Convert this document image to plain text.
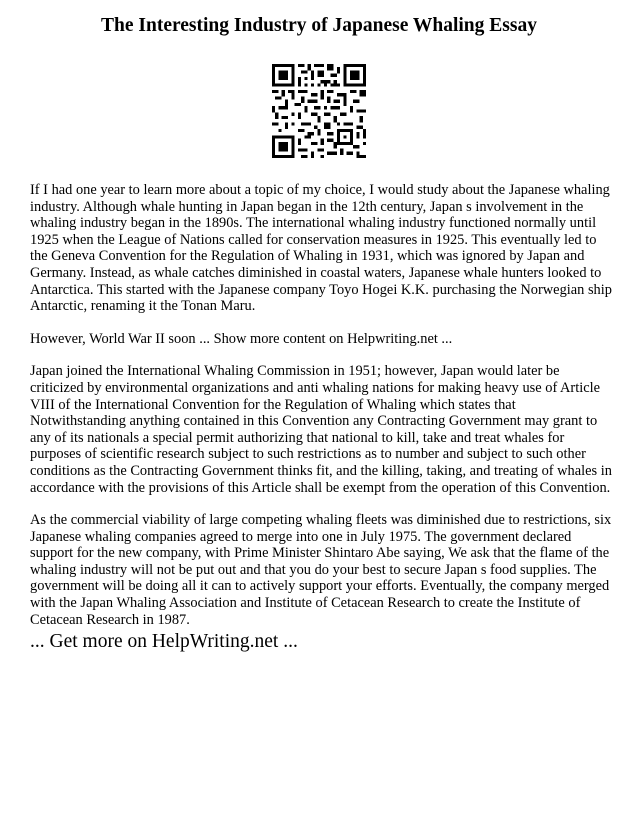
The Interesting Industry of Japanese Whaling Essay

If I had one year to learn more about a topic of my choice, I would study about the Japanese whaling industry. Although whale hunting in Japan began in the 12th century, Japan s involvement in the whaling industry began in the 1890s. The international whaling industry functioned normally until 1925 when the League of Nations called for conservation measures in 1925. This eventually led to the Geneva Convention for the Regulation of Whaling in 1931, which was ignored by Japan and Germany. Instead, as whale catches diminished in coastal waters, Japanese whale hunters looked to Antarctica. This started with the Japanese company Toyo Hogei K.K. purchasing the Norwegian ship Antarctic, renaming it the Tonan Maru.

However, World War II soon ... Show more content on Helpwriting.net ...

Japan joined the International Whaling Commission in 1951; however, Japan would later be criticized by environmental organizations and anti whaling nations for making heavy use of Article VIII of the International Convention for the Regulation of Whaling which states that Notwithstanding anything contained in this Convention any Contracting Government may grant to any of its nationals a special permit authorizing that national to kill, take and treat whales for purposes of scientific research subject to such restrictions as to number and subject to such other conditions as the Contracting Government thinks fit, and the killing, taking, and treating of whales in accordance with the provisions of this Article shall be exempt from the operation of this Convention.

As the commercial viability of large competing whaling fleets was diminished due to restrictions, six Japanese whaling companies agreed to merge into one in July 1975. The government declared support for the new company, with Prime Minister Shintaro Abe saying, We ask that the flame of the whaling industry will not be put out and that you do your best to secure Japan s food supplies. The government will be doing all it can to actively support your efforts. Eventually, the company merged with the Japan Whaling Association and Institute of Cetacean Research to create the Institute of Cetacean Research in 1987.

... Get more on HelpWriting.net ...
